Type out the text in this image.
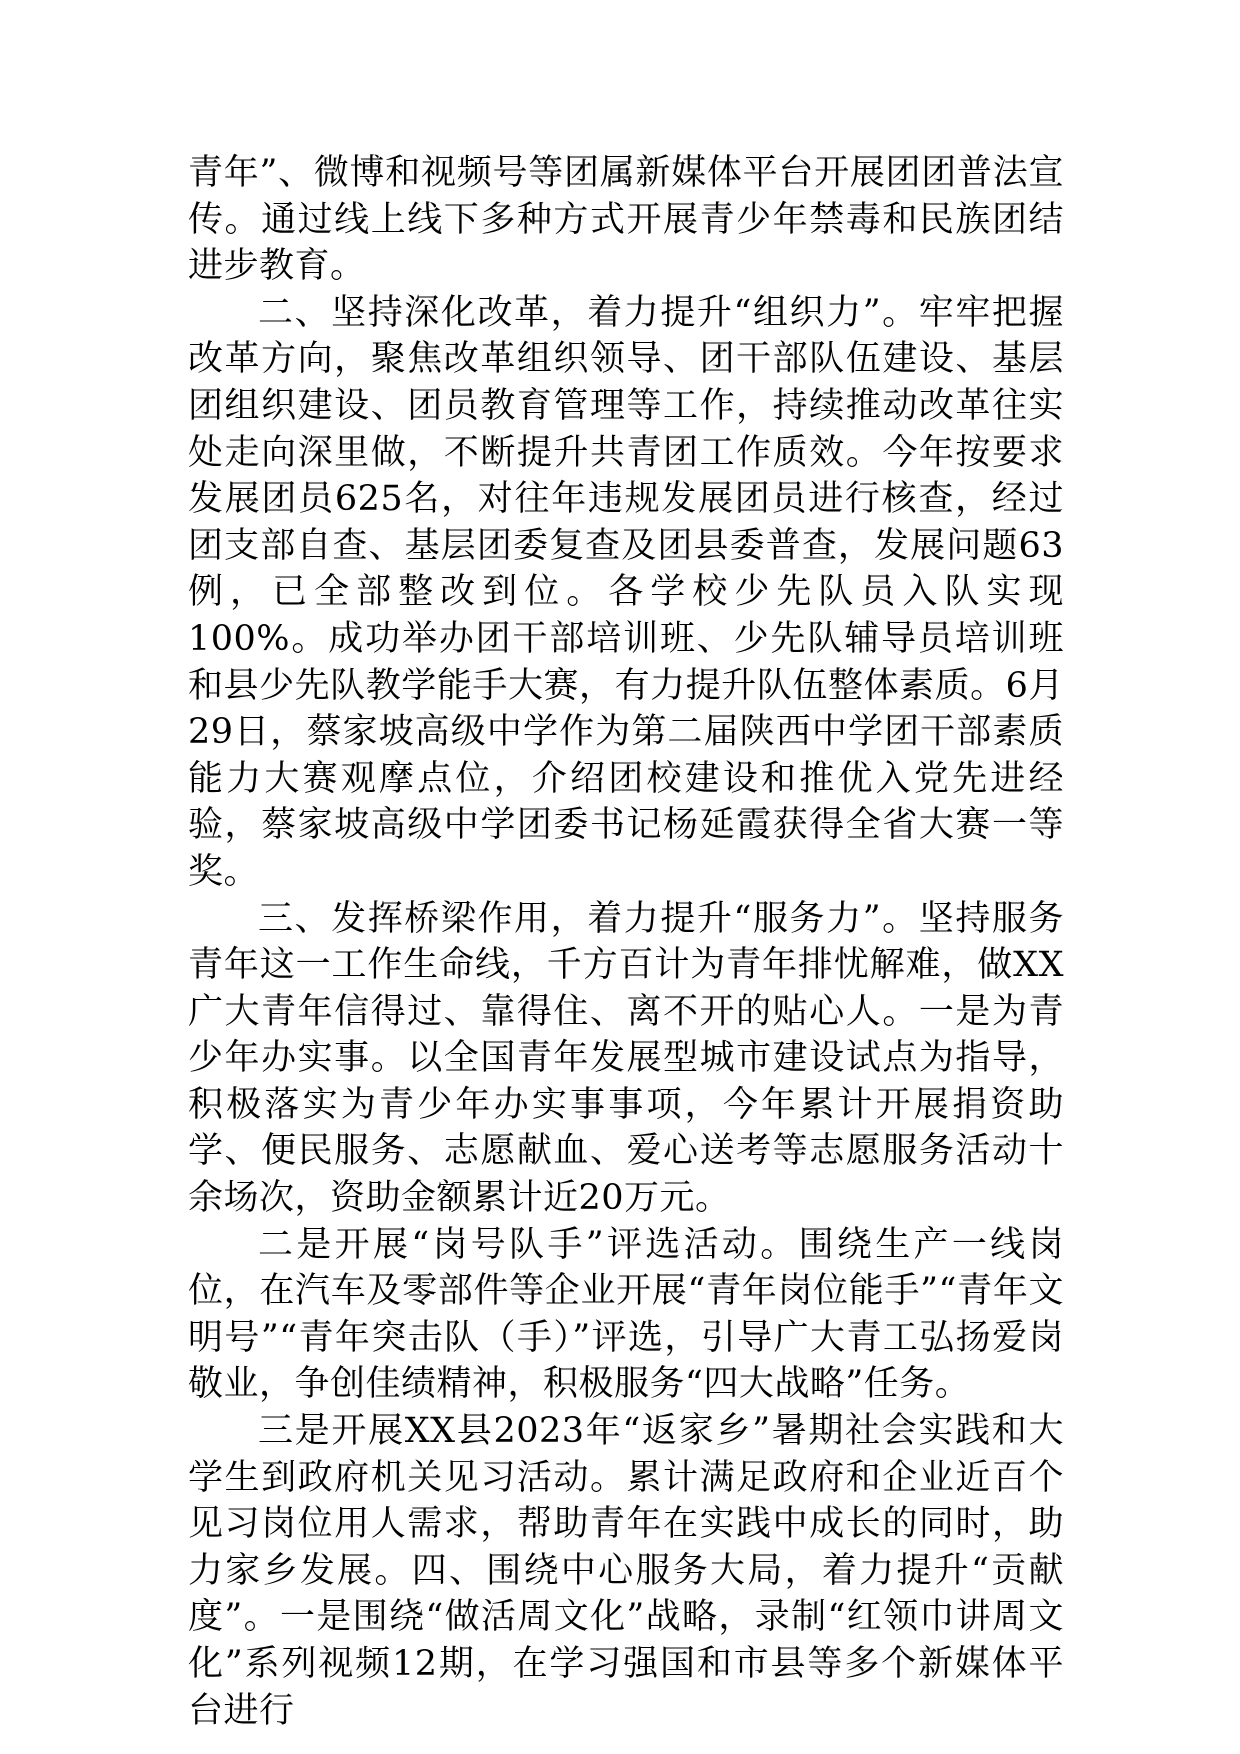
青年”、微博和视频号等团属新媒体平台开展团团普法宣传。通过线上线下多种方式开展青少年禁毒和民族团结进步教育。

二、坚持深化改革，着力提升“组织力”。牢牢把握改革方向，聚焦改革组织领导、团干部队伍建设、基层团组织建设、团员教育管理等工作，持续推动改革往实处走向深里做，不断提升共青团工作质效。今年按要求发展团员625名，对往年违规发展团员进行核查，经过团支部自查、基层团委复查及团县委普查，发展问题63例，已全部整改到位。各学校少先队员入队实现100%。成功举办团干部培训班、少先队辅导员培训班和县少先队教学能手大赛，有力提升队伍整体素质。6月29日，蔡家坡高级中学作为第二届陕西中学团干部素质能力大赛观摩点位，介绍团校建设和推优入党先进经验，蔡家坡高级中学团委书记杨延霞获得全省大赛一等奖。

三、发挥桥梁作用，着力提升“服务力”。坚持服务青年这一工作生命线，千方百计为青年排忧解难，做XX广大青年信得过、靠得住、离不开的贴心人。一是为青少年办实事。以全国青年发展型城市建设试点为指导，积极落实为青少年办实事事项，今年累计开展捐资助学、便民服务、志愿献血、爱心送考等志愿服务活动十余场次，资助金额累计近20万元。

二是开展“岗号队手”评选活动。围绕生产一线岗位，在汽车及零部件等企业开展“青年岗位能手”“青年文明号”“青年突击队（手）”评选，引导广大青工弘扬爱岗敬业，争创佳绩精神，积极服务“四大战略”任务。

三是开展XX县2023年“返家乡”暑期社会实践和大学生到政府机关见习活动。累计满足政府和企业近百个见习岗位用人需求，帮助青年在实践中成长的同时，助力家乡发展。四、围绕中心服务大局，着力提升“贡献度”。一是围绕“做活周文化”战略，录制“红领巾讲周文化”系列视频12期，在学习强国和市县等多个新媒体平台进行
